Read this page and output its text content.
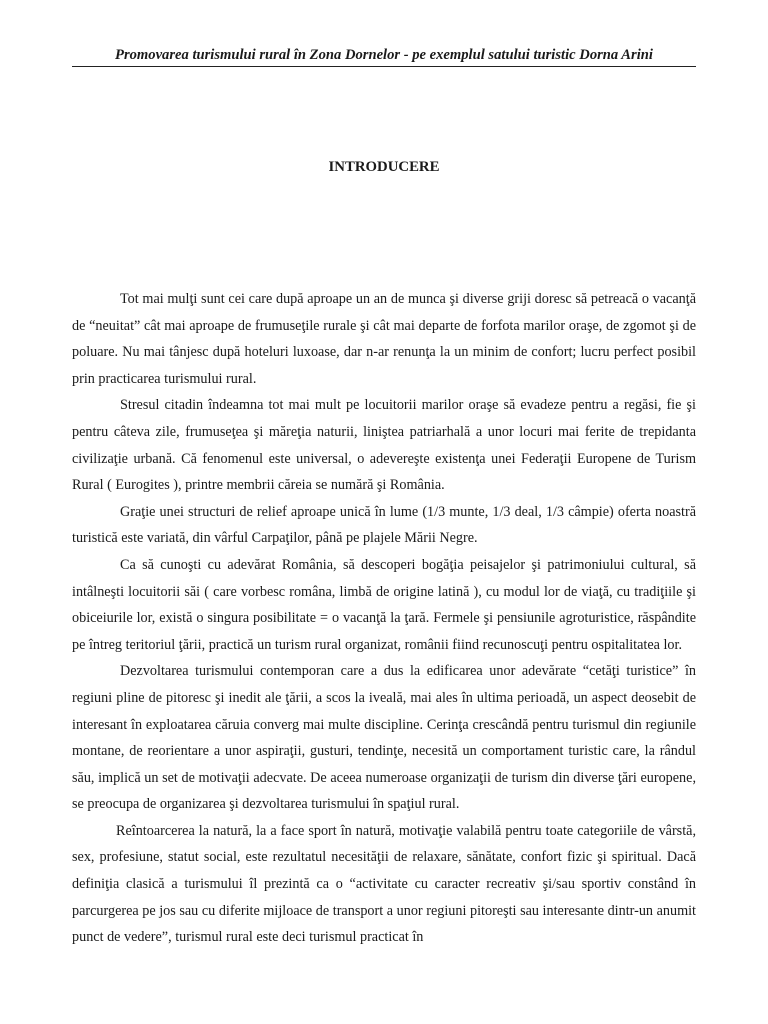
Promovarea turismului rural în Zona Dornelor - pe exemplul satului turistic Dorna Arini
INTRODUCERE

Tot mai mulţi sunt cei care după aproape un an de munca şi diverse griji doresc să petreacă o vacanţă de “neuitat” cât mai aproape de frumuseţile rurale şi cât mai departe de forfota marilor oraşe, de zgomot şi de poluare. Nu mai tânjesc după hoteluri luxoase, dar n-ar renunţa la un minim de confort; lucru perfect posibil prin practicarea turismului rural.

Stresul citadin îndeamna tot mai mult pe locuitorii marilor oraşe să evadeze pentru a regăsi, fie şi pentru câteva zile, frumuseţea şi măreţia naturii, liniştea patriarhală a unor locuri mai ferite de trepidanta civilizaţie urbană. Că fenomenul este universal, o adevereşte existenţa unei Federaţii Europene de Turism Rural ( Eurogites ), printre membrii căreia se numără şi România.

Graţie unei structuri de relief aproape unică în lume (1/3 munte, 1/3 deal, 1/3 câmpie) oferta noastră turistică este variată, din vârful Carpaţilor, până pe plajele Mării Negre.

Ca să cunoşti cu adevărat România, să descoperi bogăţia peisajelor şi patrimoniului cultural, să intâlneşti locuitorii săi ( care vorbesc româna, limbă de origine latină ), cu modul lor de viaţă, cu tradiţiile şi obiceiurile lor, există o singura posibilitate = o vacanţă la ţară. Fermele şi pensiunile agroturistice, răspândite pe întreg teritoriul ţării, practică un turism rural organizat, românii fiind recunoscuţi pentru ospitalitatea lor.

Dezvoltarea turismului contemporan care a dus la edificarea unor adevărate “cetăţi turistice” în regiuni pline de pitoresc şi inedit ale ţării, a scos la iveală, mai ales în ultima perioadă, un aspect deosebit de interesant în exploatarea căruia converg mai multe discipline. Cerinţa crescândă pentru turismul din regiunile montane, de reorientare a unor aspiraţii, gusturi, tendinţe, necesită un comportament turistic care, la rândul său, implică un set de motivaţii adecvate. De aceea numeroase organizaţii de turism din diverse ţări europene, se preocupa de organizarea şi dezvoltarea turismului în spaţiul rural.

Reîntoarcerea la natură, la a face sport în natură, motivaţie valabilă pentru toate categoriile de vârstă, sex, profesiune, statut social, este rezultatul necesităţii de relaxare, sănătate, confort fizic şi spiritual. Dacă definiţia clasică a turismului îl prezintă ca o “activitate cu caracter recreativ şi/sau sportiv constând în parcurgerea pe jos sau cu diferite mijloace de transport a unor regiuni pitoreşti sau interesante dintr-un anumit punct de vedere”, turismul rural este deci turismul practicat în
